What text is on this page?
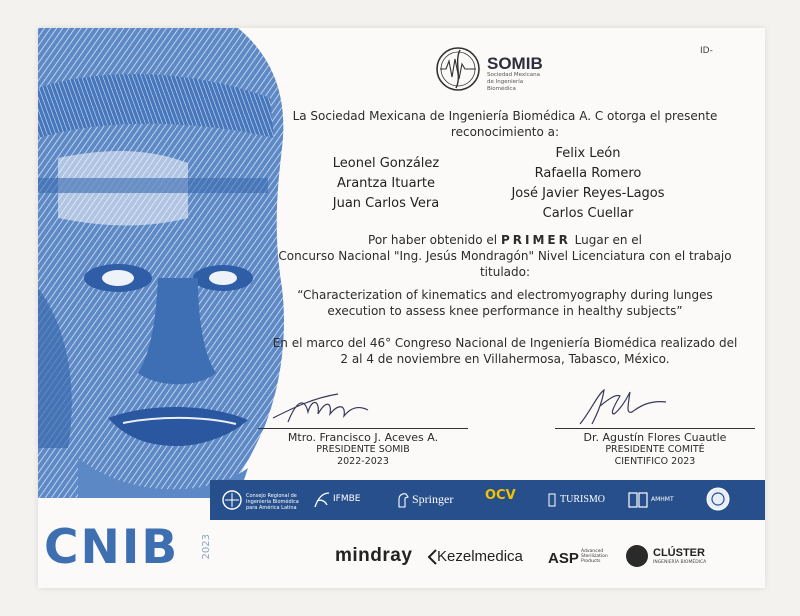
ID-
SOMIB
Sociedad Mexicana de Ingeniería Biomédica
La Sociedad Mexicana de Ingeniería Biomédica A. C otorga el presente reconocimiento a:
Leonel González
Arantza Ituarte
Juan Carlos Vera
Felix León
Rafaella Romero
José Javier Reyes-Lagos
Carlos Cuellar
Por haber obtenido el PRIMER Lugar en el
Concurso Nacional "Ing. Jesús Mondragón" Nivel Licenciatura con el trabajo titulado:
“Characterization of kinematics and electromyography during lunges execution to assess knee performance in healthy subjects”
En el marco del 46° Congreso Nacional de Ingeniería Biomédica realizado del 2 al 4 de noviembre en Villahermosa, Tabasco, México.
Mtro. Francisco J. Aceves A.
PRESIDENTE SOMIB
2022-2023
Dr. Agustín Flores Cuautle
PRESIDENTE COMITÉ
CIENTIFICO 2023
Consejo Regional de Ingeniería Biomédica para América Latina
IFMBE	Springer OCV	TURISMO	AMHMT
CNIB 2023	mindray Kezelmedica ASP Advanced Sterilization Products
CLÚSTER
INGENIERÍA BIOMÉDICA
